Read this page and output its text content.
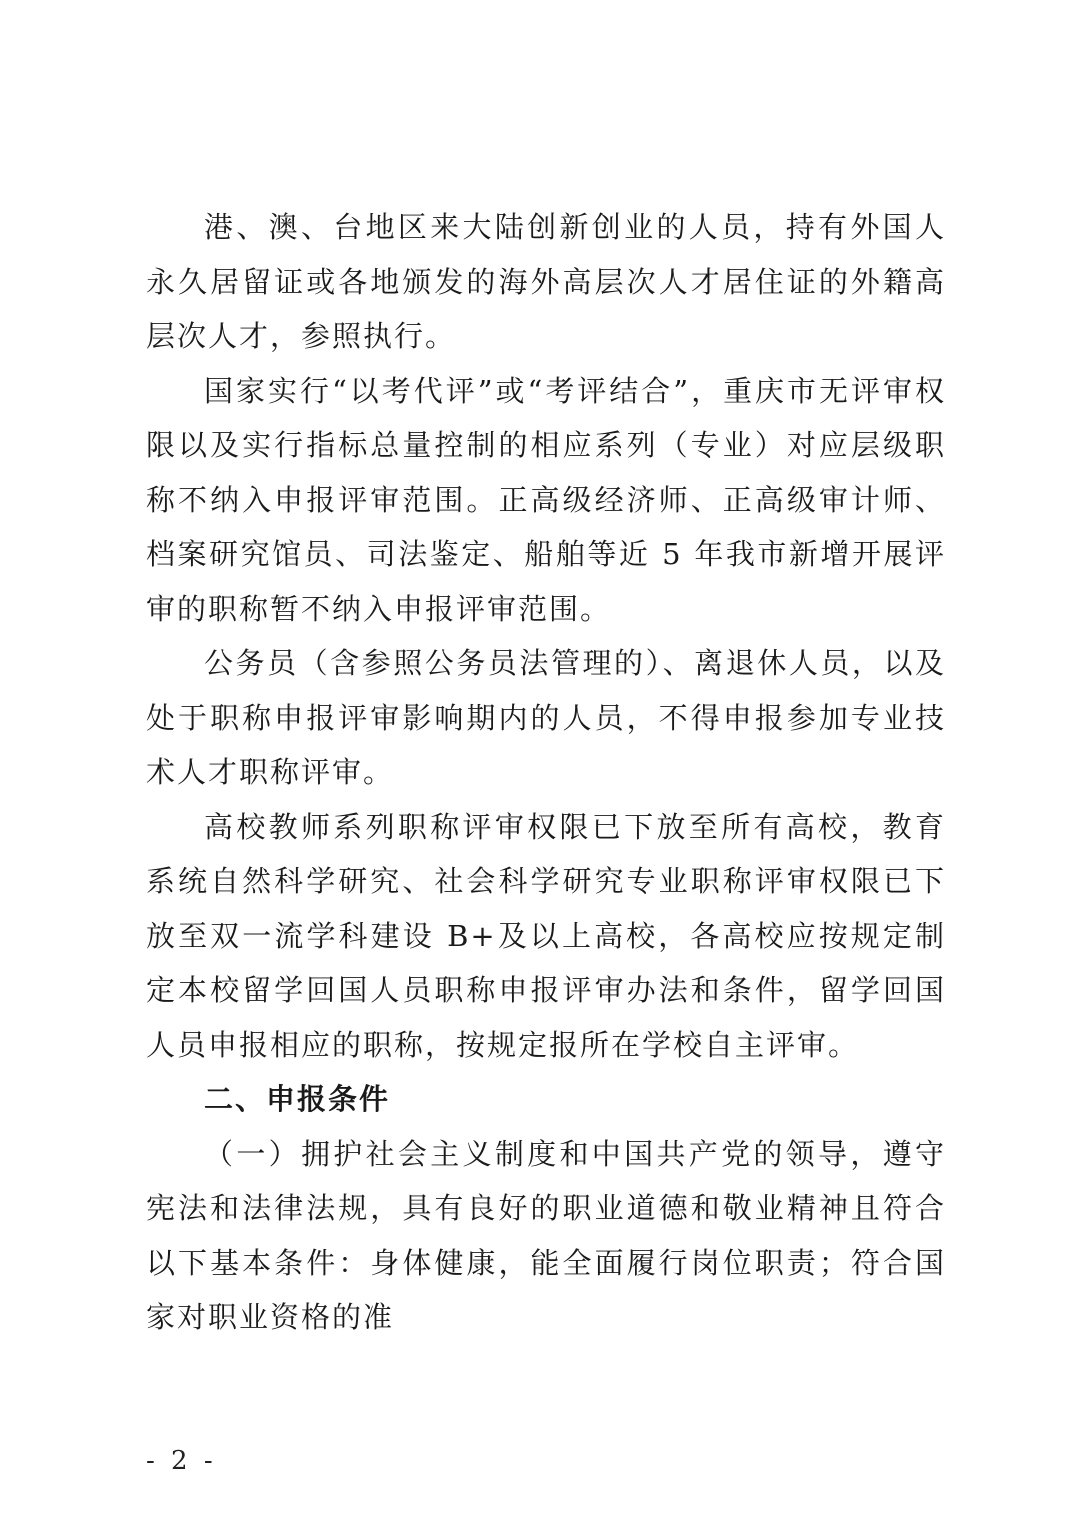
港、澳、台地区来大陆创新创业的人员，持有外国人永久居留证或各地颁发的海外高层次人才居住证的外籍高层次人才，参照执行。

国家实行“以考代评”或“考评结合”，重庆市无评审权限以及实行指标总量控制的相应系列（专业）对应层级职称不纳入申报评审范围。正高级经济师、正高级审计师、档案研究馆员、司法鉴定、船舶等近 5 年我市新增开展评审的职称暂不纳入申报评审范围。

公务员（含参照公务员法管理的）、离退休人员，以及处于职称申报评审影响期内的人员，不得申报参加专业技术人才职称评审。

高校教师系列职称评审权限已下放至所有高校，教育系统自然科学研究、社会科学研究专业职称评审权限已下放至双一流学科建设 B+及以上高校，各高校应按规定制定本校留学回国人员职称申报评审办法和条件，留学回国人员申报相应的职称，按规定报所在学校自主评审。

二、申报条件

（一）拥护社会主义制度和中国共产党的领导，遵守宪法和法律法规，具有良好的职业道德和敬业精神且符合以下基本条件：身体健康，能全面履行岗位职责；符合国家对职业资格的准

- 2 -
